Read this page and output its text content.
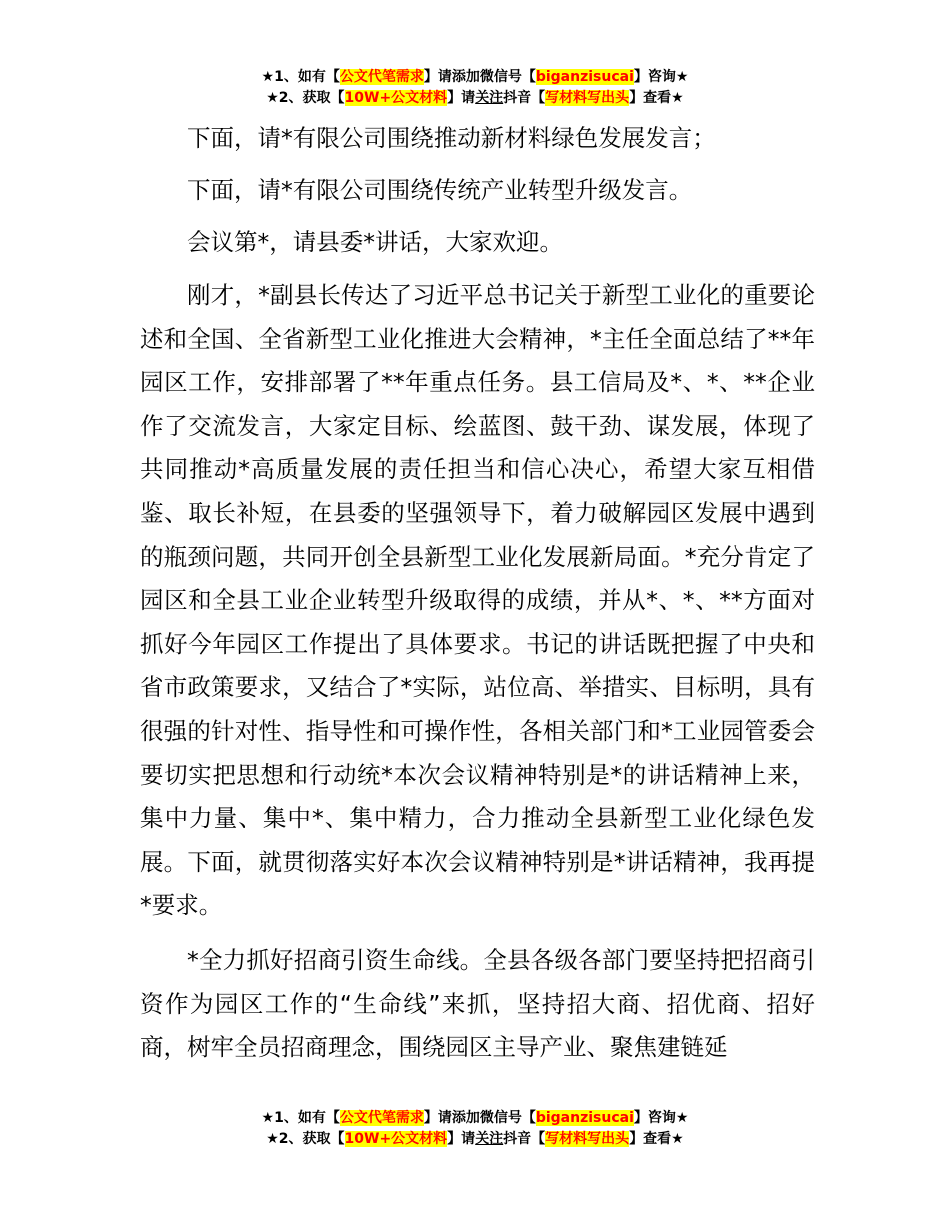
★1、如有【公文代笔需求】请添加微信号【biganzisucai】咨询★
★2、获取【10W+公文材料】请关注抖音【写材料写出头】查看★

下面，请*有限公司围绕推动新材料绿色发展发言；

下面，请*有限公司围绕传统产业转型升级发言。

会议第*，请县委*讲话，大家欢迎。

刚才，*副县长传达了习近平总书记关于新型工业化的重要论述和全国、全省新型工业化推进大会精神，*主任全面总结了**年园区工作，安排部署了**年重点任务。县工信局及*、*、**企业作了交流发言，大家定目标、绘蓝图、鼓干劲、谋发展，体现了共同推动*高质量发展的责任担当和信心决心，希望大家互相借鉴、取长补短，在县委的坚强领导下，着力破解园区发展中遇到的瓶颈问题，共同开创全县新型工业化发展新局面。*充分肯定了园区和全县工业企业转型升级取得的成绩，并从*、*、**方面对抓好今年园区工作提出了具体要求。书记的讲话既把握了中央和省市政策要求，又结合了*实际，站位高、举措实、目标明，具有很强的针对性、指导性和可操作性，各相关部门和*工业园管委会要切实把思想和行动统*本次会议精神特别是*的讲话精神上来，集中力量、集中*、集中精力，合力推动全县新型工业化绿色发展。下面，就贯彻落实好本次会议精神特别是*讲话精神，我再提*要求。

*全力抓好招商引资生命线。全县各级各部门要坚持把招商引资作为园区工作的“生命线”来抓，坚持招大商、招优商、招好商，树牢全员招商理念，围绕园区主导产业、聚焦建链延

★1、如有【公文代笔需求】请添加微信号【biganzisucai】咨询★
★2、获取【10W+公文材料】请关注抖音【写材料写出头】查看★
